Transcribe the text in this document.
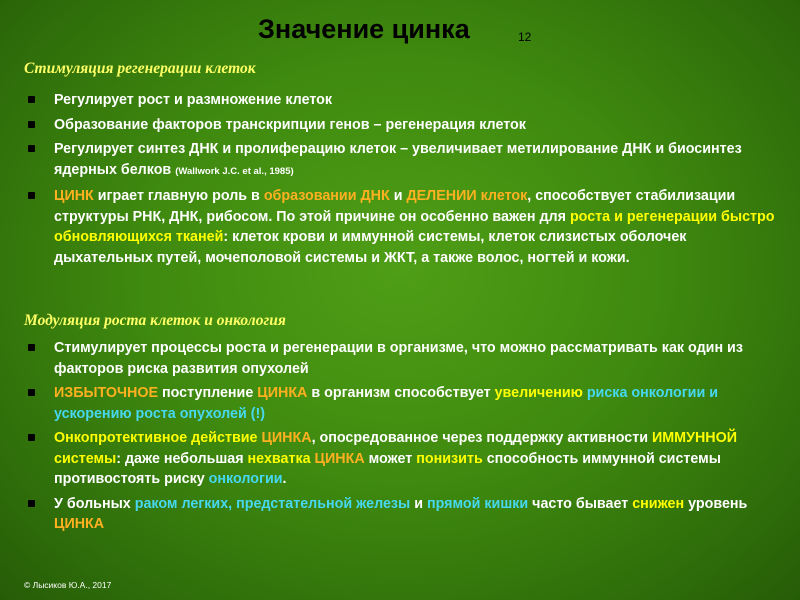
Значение цинка	12
Стимуляция регенерации клеток
Регулирует рост и размножение клеток
Образование факторов транскрипции генов – регенерация клеток
Регулирует синтез ДНК и пролиферацию клеток – увеличивает метилирование ДНК и биосинтез ядерных белков (Wallwork J.C. et al., 1985)
ЦИНК играет главную роль в образовании ДНК и ДЕЛЕНИИ клеток, способствует стабилизации структуры РНК, ДНК, рибосом. По этой причине он особенно важен для роста и регенерации быстро обновляющихся тканей: клеток крови и иммунной системы, клеток слизистых оболочек дыхательных путей, мочеполовой системы и ЖКТ, а также волос, ногтей и кожи.
Модуляция роста клеток и онкология
Стимулирует процессы роста и регенерации в организме, что можно рассматривать как один из факторов риска развития опухолей
ИЗБЫТОЧНОЕ поступление ЦИНКА в организм способствует увеличению риска онкологии и ускорению роста опухолей (!)
Онкопротективное действие ЦИНКА, опосредованное через поддержку активности ИММУННОЙ системы: даже небольшая нехватка ЦИНКА может понизить способность иммунной системы противостоять риску онкологии.
У больных раком легких, предстательной железы и прямой кишки часто бывает снижен уровень ЦИНКА
© Лысиков Ю.А., 2017
